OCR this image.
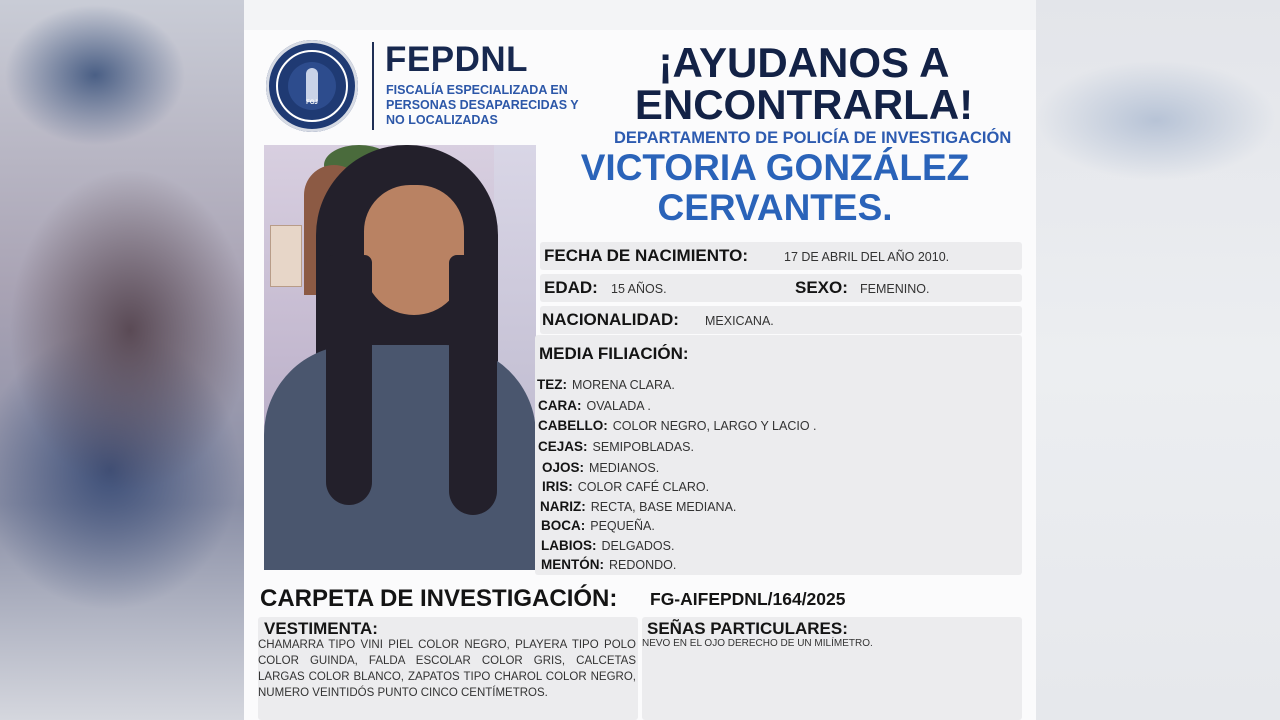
FGJ
FEPDNL
FISCALÍA ESPECIALIZADA EN PERSONAS DESAPARECIDAS Y NO LOCALIZADAS
¡AYUDANOS A
ENCONTRARLA!
DEPARTAMENTO DE POLICÍA DE INVESTIGACIÓN
VICTORIA GONZÁLEZ
CERVANTES.
FECHA DE NACIMIENTO:	17 DE ABRIL DEL AÑO 2010.
EDAD: 15 AÑOS.	SEXO: FEMENINO.
NACIONALIDAD: MEXICANA.
MEDIA FILIACIÓN:
TEZ: MORENA CLARA.
CARA: OVALADA .
CABELLO: COLOR NEGRO, LARGO Y LACIO .
CEJAS: SEMIPOBLADAS.
OJOS: MEDIANOS.
IRIS: COLOR CAFÉ CLARO.
NARIZ: RECTA, BASE MEDIANA.
BOCA: PEQUEÑA.
LABIOS: DELGADOS.
MENTÓN: REDONDO.
CARPETA DE INVESTIGACIÓN: FG-AIFEPDNL/164/2025
VESTIMENTA:
CHAMARRA TIPO VINI PIEL COLOR NEGRO, PLAYERA TIPO POLO COLOR GUINDA, FALDA ESCOLAR COLOR GRIS, CALCETAS LARGAS COLOR BLANCO, ZAPATOS TIPO CHAROL COLOR NEGRO, NUMERO VEINTIDÓS PUNTO CINCO CENTÍMETROS.
SEÑAS PARTICULARES:
NEVO EN EL OJO DERECHO DE UN MILÍMETRO.
